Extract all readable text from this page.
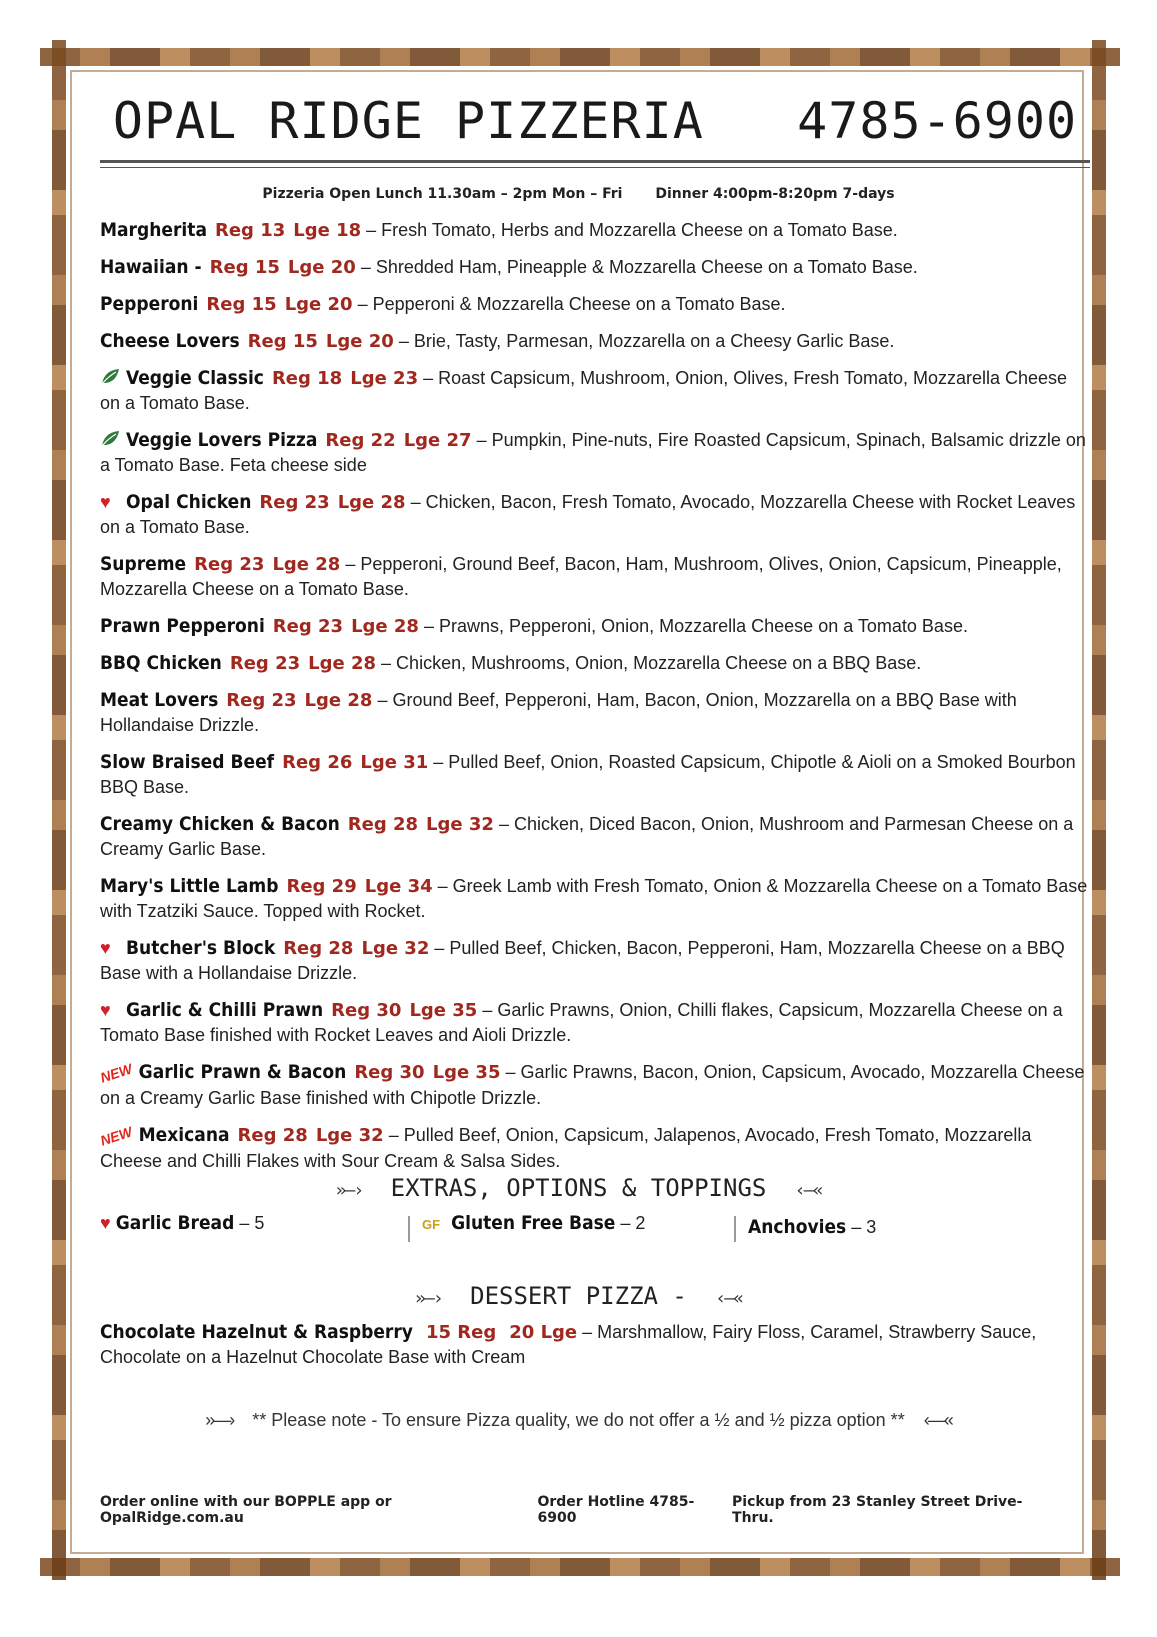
OPAL RIDGE PIZZERIA 4785-6900
Pizzeria Open Lunch 11.30am – 2pm Mon – Fri Dinner 4:00pm-8:20pm 7-days
Margherita Reg 13 Lge 18 – Fresh Tomato, Herbs and Mozzarella Cheese on a Tomato Base.
Hawaiian - Reg 15 Lge 20 – Shredded Ham, Pineapple & Mozzarella Cheese on a Tomato Base.
Pepperoni Reg 15 Lge 20 – Pepperoni & Mozzarella Cheese on a Tomato Base.
Cheese Lovers Reg 15 Lge 20 – Brie, Tasty, Parmesan, Mozzarella on a Cheesy Garlic Base.
Veggie Classic Reg 18 Lge 23 – Roast Capsicum, Mushroom, Onion, Olives, Fresh Tomato, Mozzarella Cheese on a Tomato Base.
Veggie Lovers Pizza Reg 22 Lge 27 – Pumpkin, Pine-nuts, Fire Roasted Capsicum, Spinach, Balsamic drizzle on a Tomato Base. Feta cheese side
♥ Opal Chicken Reg 23 Lge 28 – Chicken, Bacon, Fresh Tomato, Avocado, Mozzarella Cheese with Rocket Leaves on a Tomato Base.
Supreme Reg 23 Lge 28 – Pepperoni, Ground Beef, Bacon, Ham, Mushroom, Olives, Onion, Capsicum, Pineapple, Mozzarella Cheese on a Tomato Base.
Prawn Pepperoni Reg 23 Lge 28 – Prawns, Pepperoni, Onion, Mozzarella Cheese on a Tomato Base.
BBQ Chicken Reg 23 Lge 28 – Chicken, Mushrooms, Onion, Mozzarella Cheese on a BBQ Base.
Meat Lovers Reg 23 Lge 28 – Ground Beef, Pepperoni, Ham, Bacon, Onion, Mozzarella on a BBQ Base with Hollandaise Drizzle.
Slow Braised Beef Reg 26 Lge 31 – Pulled Beef, Onion, Roasted Capsicum, Chipotle & Aioli on a Smoked Bourbon BBQ Base.
Creamy Chicken & Bacon Reg 28 Lge 32 – Chicken, Diced Bacon, Onion, Mushroom and Parmesan Cheese on a Creamy Garlic Base.
Mary's Little Lamb Reg 29 Lge 34 – Greek Lamb with Fresh Tomato, Onion & Mozzarella Cheese on a Tomato Base with Tzatziki Sauce. Topped with Rocket.
♥ Butcher's Block Reg 28 Lge 32 – Pulled Beef, Chicken, Bacon, Pepperoni, Ham, Mozzarella Cheese on a BBQ Base with a Hollandaise Drizzle.
♥ Garlic & Chilli Prawn Reg 30 Lge 35 – Garlic Prawns, Onion, Chilli flakes, Capsicum, Mozzarella Cheese on a Tomato Base finished with Rocket Leaves and Aioli Drizzle.
NEW Garlic Prawn & Bacon Reg 30 Lge 35 – Garlic Prawns, Bacon, Onion, Capsicum, Avocado, Mozzarella Cheese on a Creamy Garlic Base finished with Chipotle Drizzle.
NEW Mexicana Reg 28 Lge 32 – Pulled Beef, Onion, Capsicum, Jalapenos, Avocado, Fresh Tomato, Mozzarella Cheese and Chilli Flakes with Sour Cream & Salsa Sides.
»—› EXTRAS, OPTIONS & TOPPINGS ‹—«
♥ Garlic Bread – 5	GF Gluten Free Base – 2	Anchovies – 3
»—› DESSERT PIZZA - ‹—«
Chocolate Hazelnut & Raspberry 15 Reg 20 Lge – Marshmallow, Fairy Floss, Caramel, Strawberry Sauce, Chocolate on a Hazelnut Chocolate Base with Cream
»—› ** Please note - To ensure Pizza quality, we do not offer a ½ and ½ pizza option ** ‹—«
Order online with our BOPPLE app or OpalRidge.com.au
Order Hotline 4785-6900
Pickup from 23 Stanley Street Drive-Thru.
